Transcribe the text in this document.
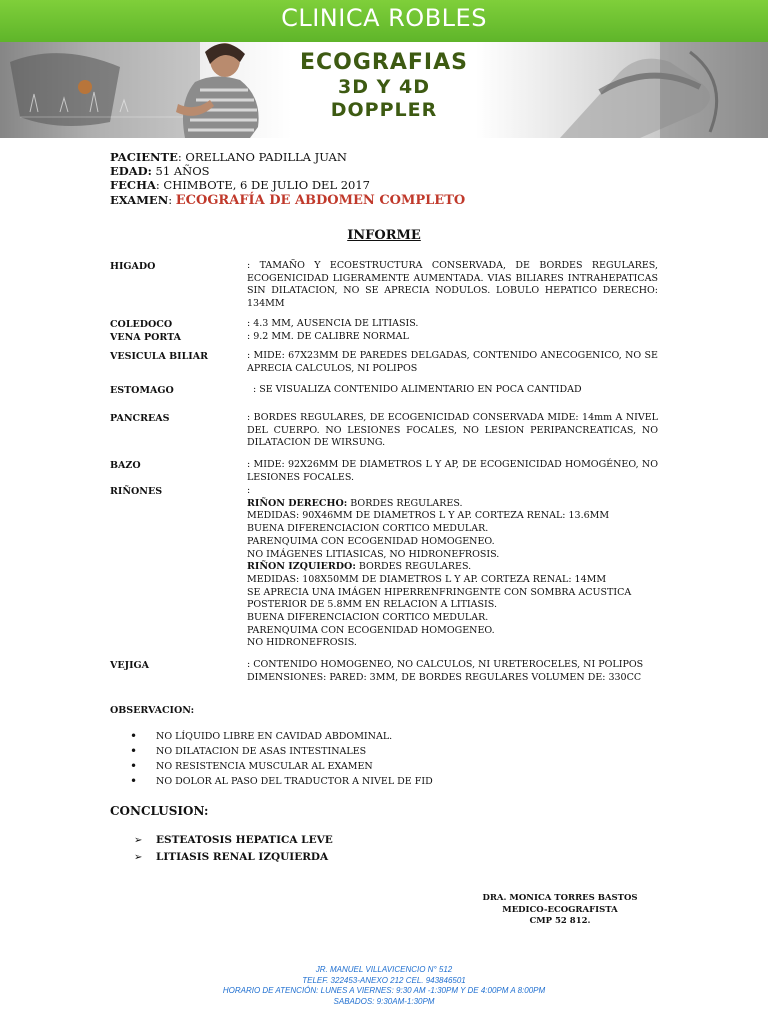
CLINICA ROBLES
ECOGRAFIAS
3D Y 4D
DOPPLER
PACIENTE: ORELLANO PADILLA JUAN
EDAD: 51 AÑOS
FECHA: CHIMBOTE, 6 DE JULIO DEL 2017
EXAMEN: ECOGRAFÍA DE ABDOMEN COMPLETO
INFORME
HIGADO	: TAMAÑO Y ECOESTRUCTURA CONSERVADA, DE BORDES REGULARES, ECOGENICIDAD LIGERAMENTE AUMENTADA. VIAS BILIARES INTRAHEPATICAS SIN DILATACION, NO SE APRECIA NODULOS. LOBULO HEPATICO DERECHO: 134MM
COLEDOCO	: 4.3 MM, AUSENCIA DE LITIASIS.
VENA PORTA	: 9.2 MM. DE CALIBRE NORMAL
VESICULA BILIAR	: MIDE: 67X23MM DE PAREDES DELGADAS, CONTENIDO ANECOGENICO, NO SE APRECIA CALCULOS, NI POLIPOS
ESTOMAGO	: SE VISUALIZA CONTENIDO ALIMENTARIO EN POCA CANTIDAD
PANCREAS	: BORDES REGULARES, DE ECOGENICIDAD CONSERVADA MIDE: 14mm A NIVEL DEL CUERPO. NO LESIONES FOCALES, NO LESION PERIPANCREATICAS, NO DILATACION DE WIRSUNG.
BAZO	: MIDE: 92X26MM DE DIAMETROS L Y AP, DE ECOGENICIDAD HOMOGÉNEO, NO LESIONES FOCALES.
RIÑONES	:
RIÑON DERECHO: BORDES REGULARES.
MEDIDAS: 90X46MM DE DIAMETROS L Y AP. CORTEZA RENAL: 13.6MM
BUENA DIFERENCIACION CORTICO MEDULAR.
PARENQUIMA CON ECOGENIDAD HOMOGENEO.
NO IMÁGENES LITIASICAS, NO HIDRONEFROSIS.
RIÑON IZQUIERDO: BORDES REGULARES.
MEDIDAS: 108X50MM DE DIAMETROS L Y AP. CORTEZA RENAL: 14MM
SE APRECIA UNA IMÁGEN HIPERRENFRINGENTE CON SOMBRA ACUSTICA
POSTERIOR DE 5.8MM EN RELACION A LITIASIS.
BUENA DIFERENCIACION CORTICO MEDULAR.
PARENQUIMA CON ECOGENIDAD HOMOGENEO.
NO HIDRONEFROSIS.
VEJIGA	: CONTENIDO HOMOGENEO, NO CALCULOS, NI URETEROCELES, NI POLIPOS
DIMENSIONES: PARED: 3MM, DE BORDES REGULARES VOLUMEN DE: 330CC
OBSERVACION:
• NO LÍQUIDO LIBRE EN CAVIDAD ABDOMINAL.
• NO DILATACION DE ASAS INTESTINALES
• NO RESISTENCIA MUSCULAR AL EXAMEN
• NO DOLOR AL PASO DEL TRADUCTOR A NIVEL DE FID
CONCLUSION:
➢ ESTEATOSIS HEPATICA LEVE
➢ LITIASIS RENAL IZQUIERDA
DRA. MONICA TORRES BASTOS
MEDICO-ECOGRAFISTA
CMP 52 812.
JR. MANUEL VILLAVICENCIO N° 512
TELEF. 322453-ANEXO 212 CEL. 943846501
HORARIO DE ATENCIÓN: LUNES A VIERNES: 9:30 AM -1:30PM Y DE 4:00PM A 8:00PM
SABADOS: 9:30AM-1:30PM
